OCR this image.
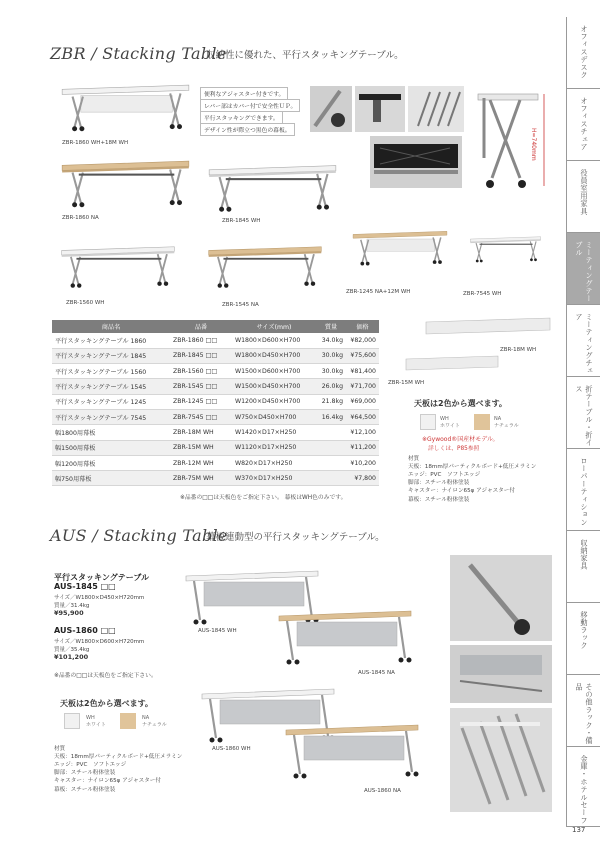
ZBR / Stacking Table
収納性に優れた、平行スタッキングテーブル。
ZBR-1860 WH+18M WH
便利なアジャスター付きです。
レバー部はカバー付で安全性ＵＰ。
平行スタッキングできます。
デザイン性が際立つ黒色の幕板。	H=740mm
ZBR-1860 NA	ZBR-1845 WH
ZBR-1560 WH	ZBR-1545 NA
ZBR-1245 NA+12M WH	ZBR-7545 WH
ZBR-18M WH
ZBR-15M WH
商品名	品番	サイズ(mm)	質量	価格
平行スタッキングテーブル 1860	ZBR-1860 □□	W1800×D600×H700	34.0kg	¥82,000
平行スタッキングテーブル 1845	ZBR-1845 □□	W1800×D450×H700	30.0kg	¥75,600
平行スタッキングテーブル 1560	ZBR-1560 □□	W1500×D600×H700	30.0kg	¥81,400
平行スタッキングテーブル 1545	ZBR-1545 □□	W1500×D450×H700	26.0kg	¥71,700
平行スタッキングテーブル 1245	ZBR-1245 □□	W1200×D450×H700	21.8kg	¥69,000
平行スタッキングテーブル 7545	ZBR-7545 □□	W750×D450×H700	16.4kg	¥64,500
幅1800用幕板	ZBR-18M WH	W1420×D17×H250		¥12,100
幅1500用幕板	ZBR-15M WH	W1120×D17×H250		¥11,200
幅1200用幕板	ZBR-12M WH	W820×D17×H250		¥10,200
幅750用幕板	ZBR-75M WH	W370×D17×H250		¥7,800
※品番の□□は天板色をご指定下さい。 幕板はWH色のみです。
天板は2色から選べます。
WH
ホワイト
NA
ナチュラル
※Gywood®国産材モデル。
詳しくは、P85参照
材質
天板：18mm厚パーティクルボード+低圧メラミン
エッジ：PVC　ソフトエッジ
脚部：スチール粉体塗装
キャスター：ナイロン65φ アジャスター付
幕板：スチール粉体塗装
AUS / Stacking Table
幕板連動型の平行スタッキングテーブル。
平行スタッキングテーブル
AUS-1845 □□
サイズ／W1800×D450×H720mm
質量／31.4kg
¥95,900
AUS-1860 □□
サイズ／W1800×D600×H720mm
質量／35.4kg
¥101,200
※品番の□□は天板色をご指定下さい。
天板は2色から選べます。
WH
ホワイト
NA
ナチュラル
材質
天板：18mm厚パーティクルボード+低圧メラミン
エッジ：PVC　ソフトエッジ
脚部：スチール粉体塗装
キャスター：ナイロン65φ アジャスター付
幕板：スチール粉体塗装
AUS-1845 WH
AUS-1845 NA
AUS-1860 WH
AUS-1860 NA
オフィスデスク
オフィスチェア
役員室用家具
ミーティングテーブル
ミーティングチェア
折テーブル・折イス
ローパーティション
収納家具
移動ラック
その他ラック・備品
金庫・ホテルセーフ
137
